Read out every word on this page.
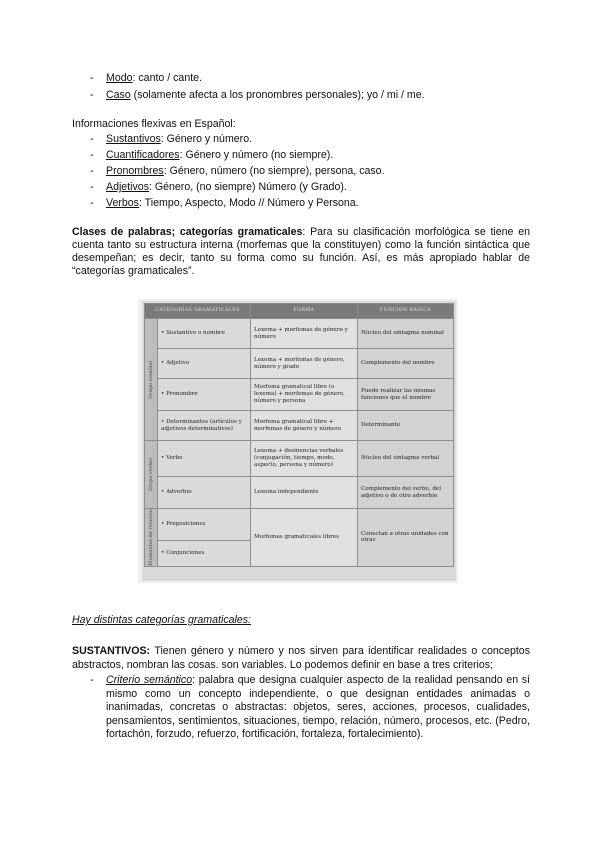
- Modo: canto / cante.
- Caso (solamente afecta a los pronombres personales); yo / mi / me.

Informaciones flexivas en Español:

- Sustantivos: Género y número.
- Cuantificadores: Género y número (no siempre).
- Pronombres: Género, número (no siempre), persona, caso.
- Adjetivos: Género, (no siempre) Número (y Grado).
- Verbos: Tiempo, Aspecto, Modo // Número y Persona.

Clases de palabras; categorías gramaticales: Para su clasificación morfológica se tiene en cuenta tanto su estructura interna (morfemas que la constituyen) como la función sintáctica que desempeñan; es decir, tanto su forma como su función. Así, es más apropiado hablar de “categorías gramaticales”.

CATEGORÍAS GRAMATICALES		FORMA	FUNCIÓN BÁSICA

Grupo nominal	• Sustantivo o nombre	Lexema + morfemas de género y número	Núcleo del sintagma nominal
	• Adjetivo	Lexema + morfemas de género, número y grado	Complemento del nombre
	• Pronombre	Morfema gramatical libre (o lexema) + morfemas de género, número y persona	Puede realizar las mismas funciones que el nombre
	• Determinantes (artículos y adjetivos determinativos)	Morfema gramatical libre + morfemas de género y número	Determinante

Grupo verbal	• Verbo	Lexema + desinencias verbales (conjugación, tiempo, modo, aspecto, persona y número)	Núcleo del sintagma verbal
	• Adverbio	Lexema independiente	Complemento del verbo, del adjetivo o de otro adverbio

Elementos de relación	• Preposiciones	Morfemas gramaticales libres	Conectan a otras unidades con otras
	• Conjunciones		

Hay distintas categorías gramaticales:

SUSTANTIVOS: Tienen género y número y nos sirven para identificar realidades o conceptos abstractos, nombran las cosas. son variables. Lo podemos definir en base a tres criterios;

- Criterio semántico: palabra que designa cualquier aspecto de la realidad pensando en sí mismo como un concepto independiente, o que designan entidades animadas o inanimadas, concretas o abstractas: objetos, seres, acciones, procesos, cualidades, pensamientos, sentimientos, situaciones, tiempo, relación, número, procesos, etc. (Pedro, fortachón, forzudo, refuerzo, fortificación, fortaleza, fortalecimiento).
